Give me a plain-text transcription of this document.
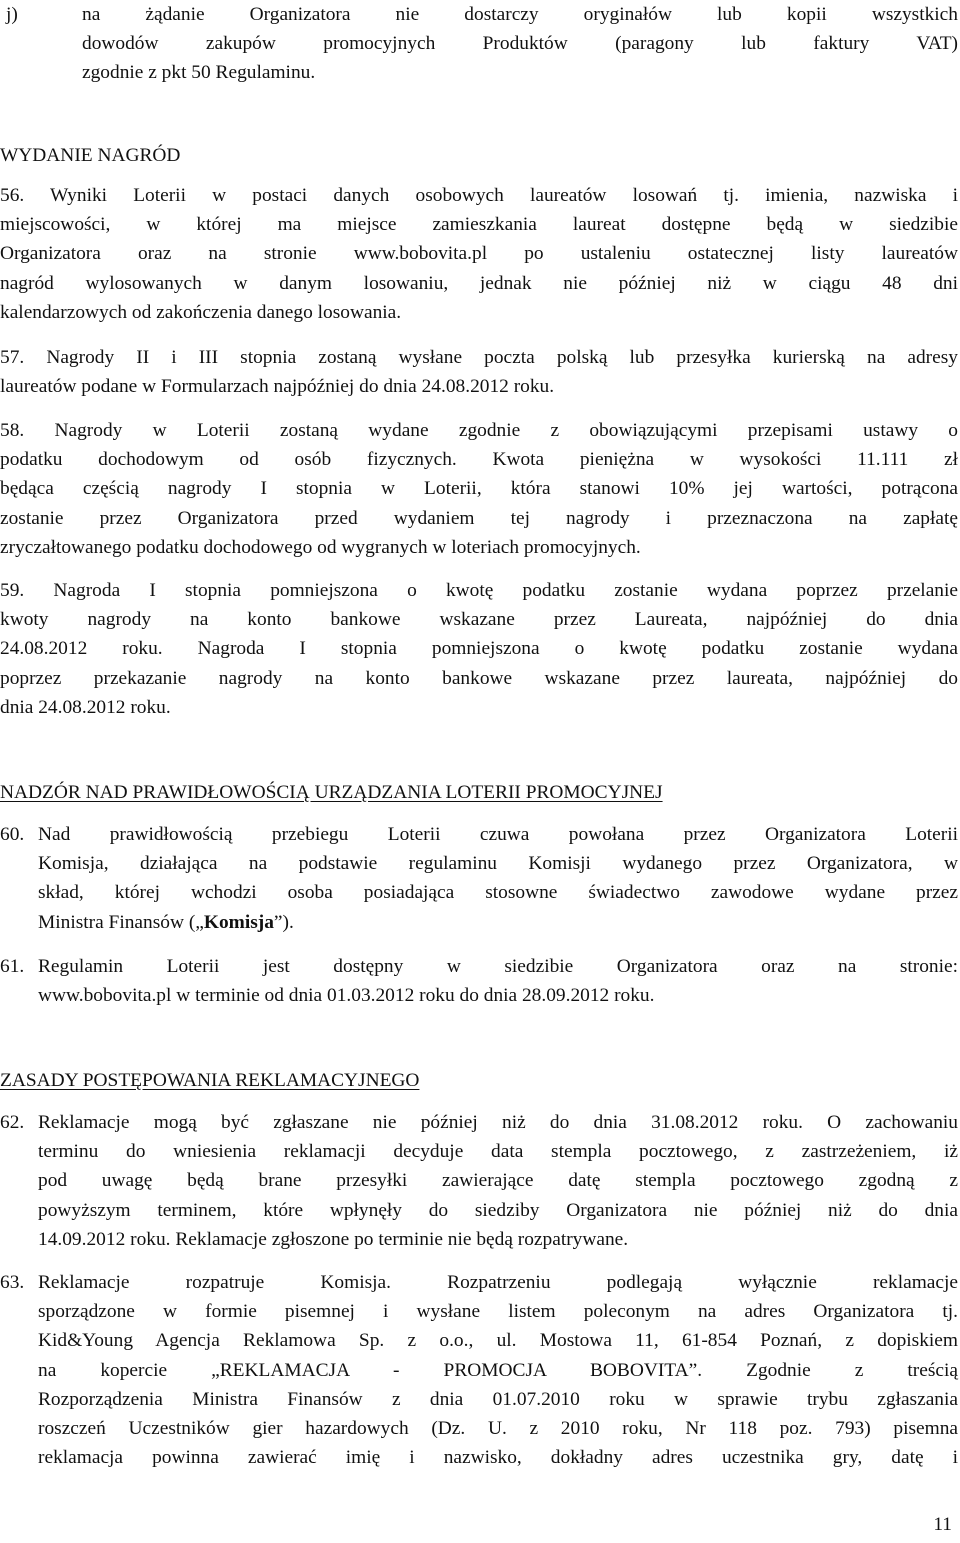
j)	na żądanie Organizatora nie dostarczy oryginałów lub kopii wszystkich
dowodów zakupów promocyjnych Produktów (paragony lub faktury VAT)
zgodnie z pkt 50 Regulaminu.
WYDANIE NAGRÓD
56. Wyniki Loterii w postaci danych osobowych laureatów losowań tj. imienia, nazwiska i
miejscowości, w której ma miejsce zamieszkania laureat dostępne będą w siedzibie
Organizatora oraz na stronie www.bobovita.pl po ustaleniu ostatecznej listy laureatów
nagród wylosowanych w danym losowaniu, jednak nie później niż w ciągu 48 dni
kalendarzowych od zakończenia danego losowania.
57. Nagrody II i III stopnia zostaną wysłane poczta polską lub przesyłka kurierską na adresy
laureatów podane w Formularzach najpóźniej do dnia 24.08.2012 roku.
58. Nagrody w Loterii zostaną wydane zgodnie z obowiązującymi przepisami ustawy o
podatku dochodowym od osób fizycznych. Kwota pieniężna w wysokości 11.111 zł
będąca częścią nagrody I stopnia w Loterii, która stanowi 10% jej wartości, potrącona
zostanie przez Organizatora przed wydaniem tej nagrody i przeznaczona na zapłatę
zryczałtowanego podatku dochodowego od wygranych w loteriach promocyjnych.
59. Nagroda I stopnia pomniejszona o kwotę podatku zostanie wydana poprzez przelanie
kwoty nagrody na konto bankowe wskazane przez Laureata, najpóźniej do dnia
24.08.2012 roku. Nagroda I stopnia pomniejszona o kwotę podatku zostanie wydana
poprzez przekazanie nagrody na konto bankowe wskazane przez laureata, najpóźniej do
dnia 24.08.2012 roku.
NADZÓR NAD PRAWIDŁOWOŚCIĄ URZĄDZANIA LOTERII PROMOCYJNEJ
60. Nad prawidłowością przebiegu Loterii czuwa powołana przez Organizatora Loterii
Komisja, działająca na podstawie regulaminu Komisji wydanego przez Organizatora, w
skład, której wchodzi osoba posiadająca stosowne świadectwo zawodowe wydane przez
Ministra Finansów („Komisja”).
61. Regulamin Loterii jest dostępny w siedzibie Organizatora oraz na stronie:
www.bobovita.pl w terminie od dnia 01.03.2012 roku do dnia 28.09.2012 roku.
ZASADY POSTĘPOWANIA REKLAMACYJNEGO
62. Reklamacje mogą być zgłaszane nie później niż do dnia 31.08.2012 roku. O zachowaniu
terminu do wniesienia reklamacji decyduje data stempla pocztowego, z zastrzeżeniem, iż
pod uwagę będą brane przesyłki zawierające datę stempla pocztowego zgodną z
powyższym terminem, które wpłynęły do siedziby Organizatora nie później niż do dnia
14.09.2012 roku. Reklamacje zgłoszone po terminie nie będą rozpatrywane.
63. Reklamacje rozpatruje Komisja. Rozpatrzeniu podlegają wyłącznie reklamacje
sporządzone w formie pisemnej i wysłane listem poleconym na adres Organizatora tj.
Kid&Young Agencja Reklamowa Sp. z o.o., ul. Mostowa 11, 61-854 Poznań, z dopiskiem
na kopercie „REKLAMACJA - PROMOCJA BOBOVITA”. Zgodnie z treścią
Rozporządzenia Ministra Finansów z dnia 01.07.2010 roku w sprawie trybu zgłaszania
roszczeń Uczestników gier hazardowych (Dz. U. z 2010 roku, Nr 118 poz. 793) pisemna
reklamacja powinna zawierać imię i nazwisko, dokładny adres uczestnika gry, datę i
11
